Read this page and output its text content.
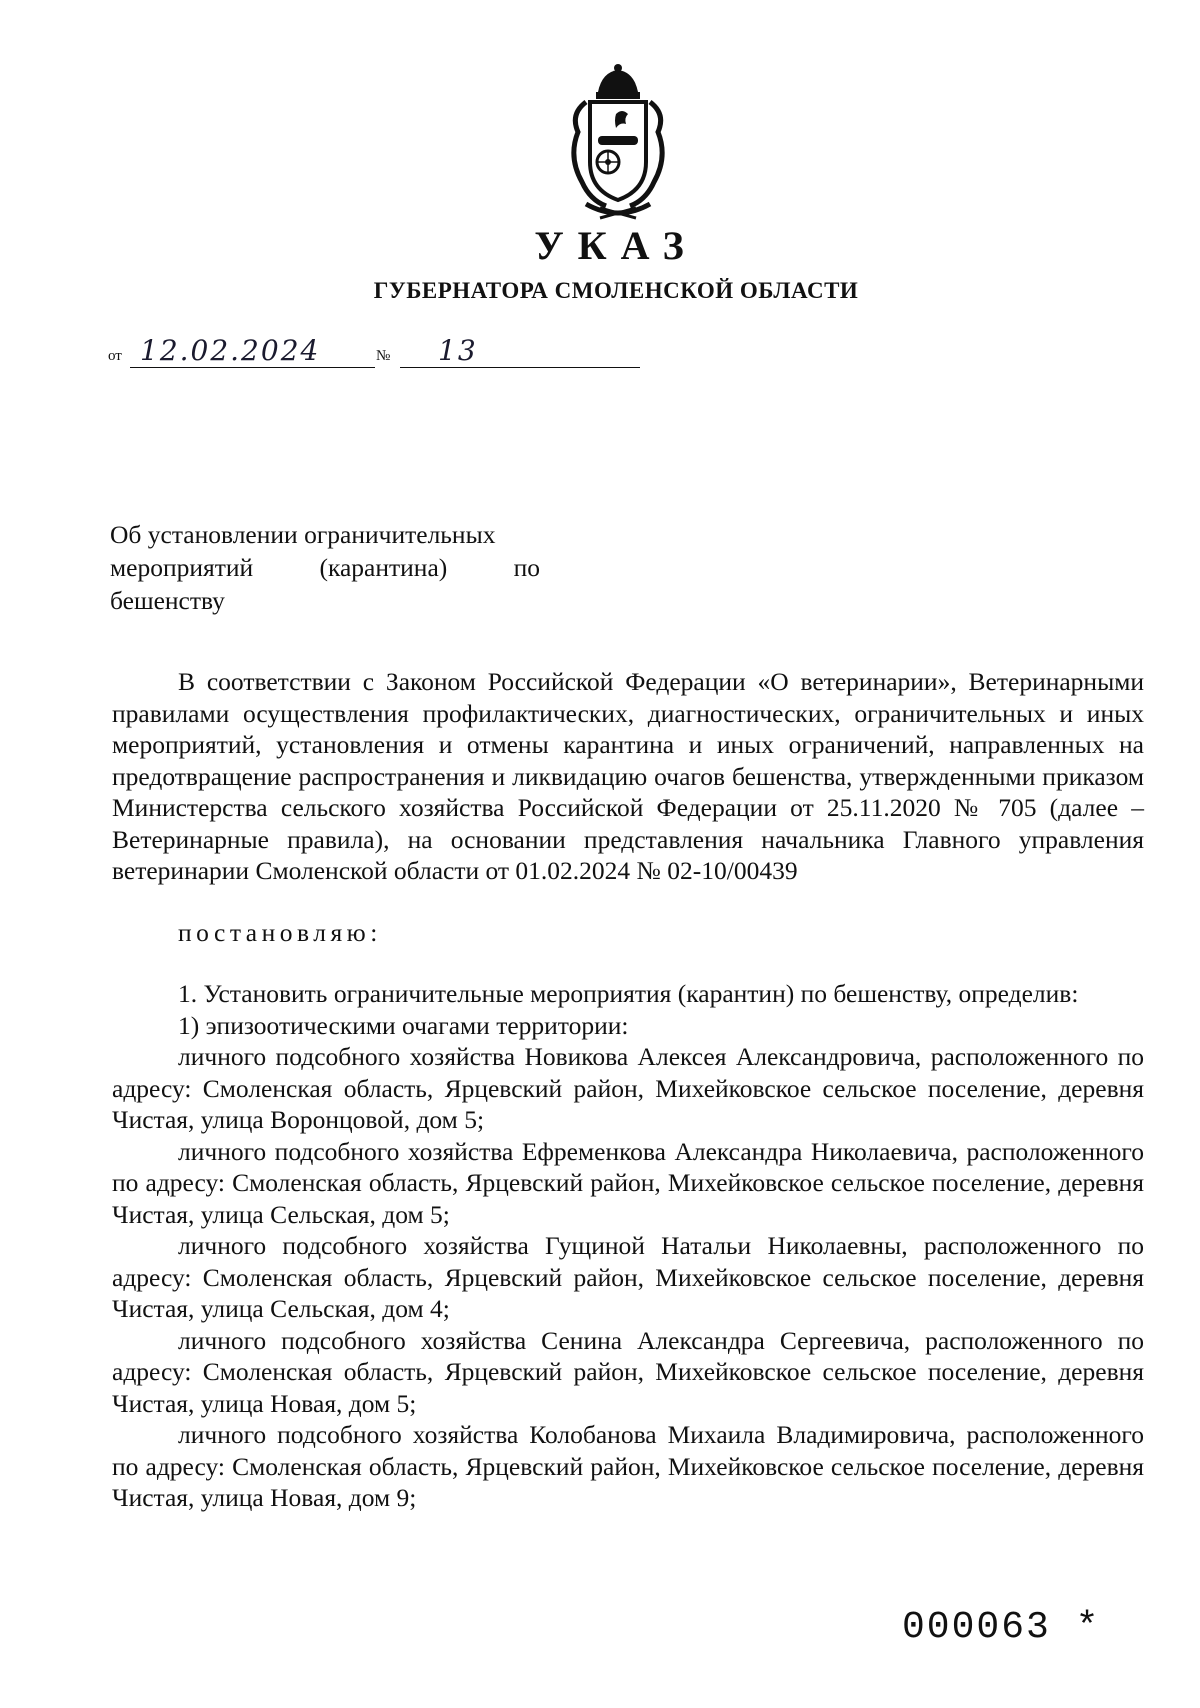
УКАЗ
ГУБЕРНАТОРА СМОЛЕНСКОЙ ОБЛАСТИ
от 12.02.2024	№ 13
Об установлении ограничительных
мероприятий (карантина) по
бешенству

В соответствии с Законом Российской Федерации «О ветеринарии», Ветеринарными правилами осуществления профилактических, диагностических, ограничительных и иных мероприятий, установления и отмены карантина и иных ограничений, направленных на предотвращение распространения и ликвидацию очагов бешенства, утвержденными приказом Министерства сельского хозяйства Российской Федерации от 25.11.2020 № 705 (далее – Ветеринарные правила), на основании представления начальника Главного управления ветеринарии Смоленской области от 01.02.2024 № 02-10/00439

постановляю:

1. Установить ограничительные мероприятия (карантин) по бешенству, определив:

1) эпизоотическими очагами территории:

личного подсобного хозяйства Новикова Алексея Александровича, расположенного по адресу: Смоленская область, Ярцевский район, Михейковское сельское поселение, деревня Чистая, улица Воронцовой, дом 5;

личного подсобного хозяйства Ефременкова Александра Николаевича, расположенного по адресу: Смоленская область, Ярцевский район, Михейковское сельское поселение, деревня Чистая, улица Сельская, дом 5;

личного подсобного хозяйства Гущиной Натальи Николаевны, расположенного по адресу: Смоленская область, Ярцевский район, Михейковское сельское поселение, деревня Чистая, улица Сельская, дом 4;

личного подсобного хозяйства Сенина Александра Сергеевича, расположенного по адресу: Смоленская область, Ярцевский район, Михейковское сельское поселение, деревня Чистая, улица Новая, дом 5;

личного подсобного хозяйства Колобанова Михаила Владимировича, расположенного по адресу: Смоленская область, Ярцевский район, Михейковское сельское поселение, деревня Чистая, улица Новая, дом 9;

000063 *
